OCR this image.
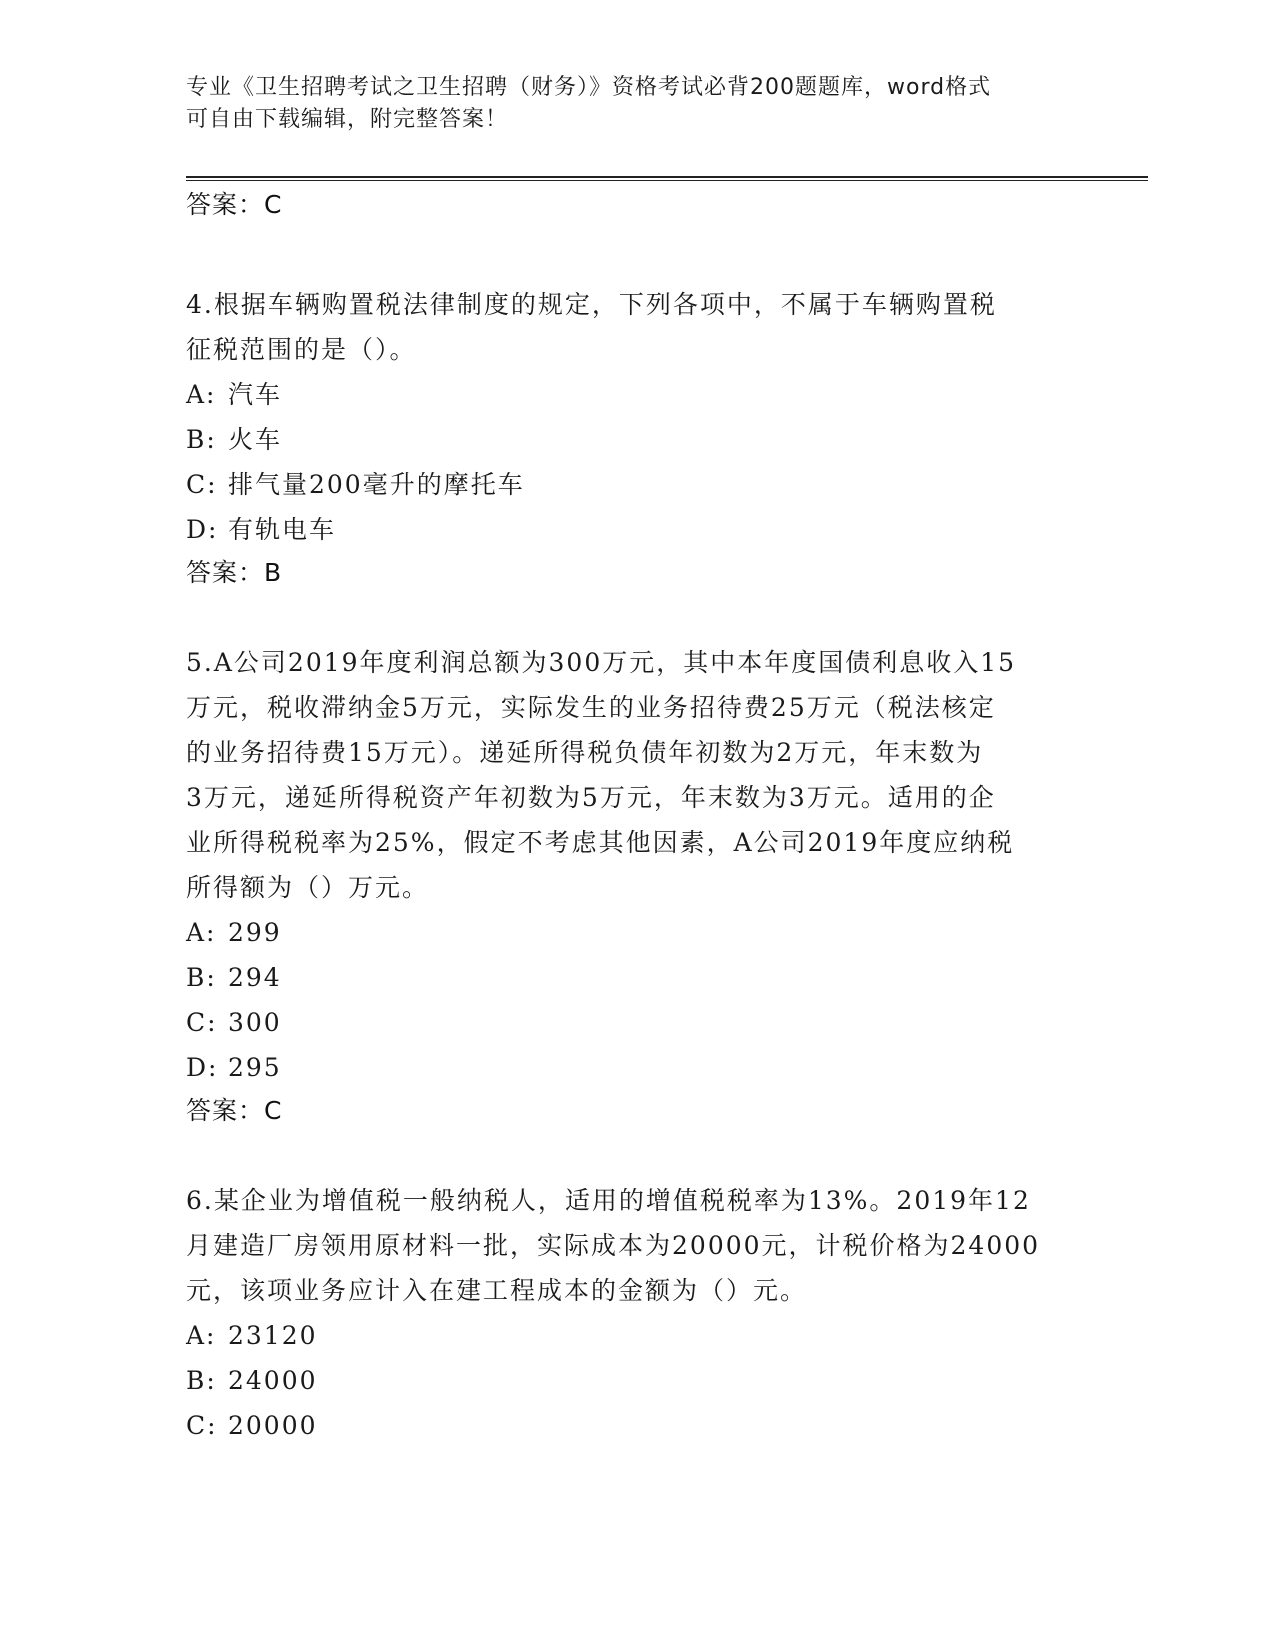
专业《卫生招聘考试之卫生招聘（财务）》资格考试必背200题题库，word格式
可自由下载编辑，附完整答案！
答案：C
4.根据车辆购置税法律制度的规定，下列各项中，不属于车辆购置税
征税范围的是（）。
A: 汽车
B: 火车
C: 排气量200毫升的摩托车
D: 有轨电车
答案：B
5.A公司2019年度利润总额为300万元，其中本年度国债利息收入15
万元，税收滞纳金5万元，实际发生的业务招待费25万元（税法核定
的业务招待费15万元）。递延所得税负债年初数为2万元，年末数为
3万元，递延所得税资产年初数为5万元，年末数为3万元。适用的企
业所得税税率为25%，假定不考虑其他因素，A公司2019年度应纳税
所得额为（）万元。
A: 299
B: 294
C: 300
D: 295
答案：C
6.某企业为增值税一般纳税人，适用的增值税税率为13%。2019年12
月建造厂房领用原材料一批，实际成本为20000元，计税价格为24000
元，该项业务应计入在建工程成本的金额为（）元。
A: 23120
B: 24000
C: 20000
